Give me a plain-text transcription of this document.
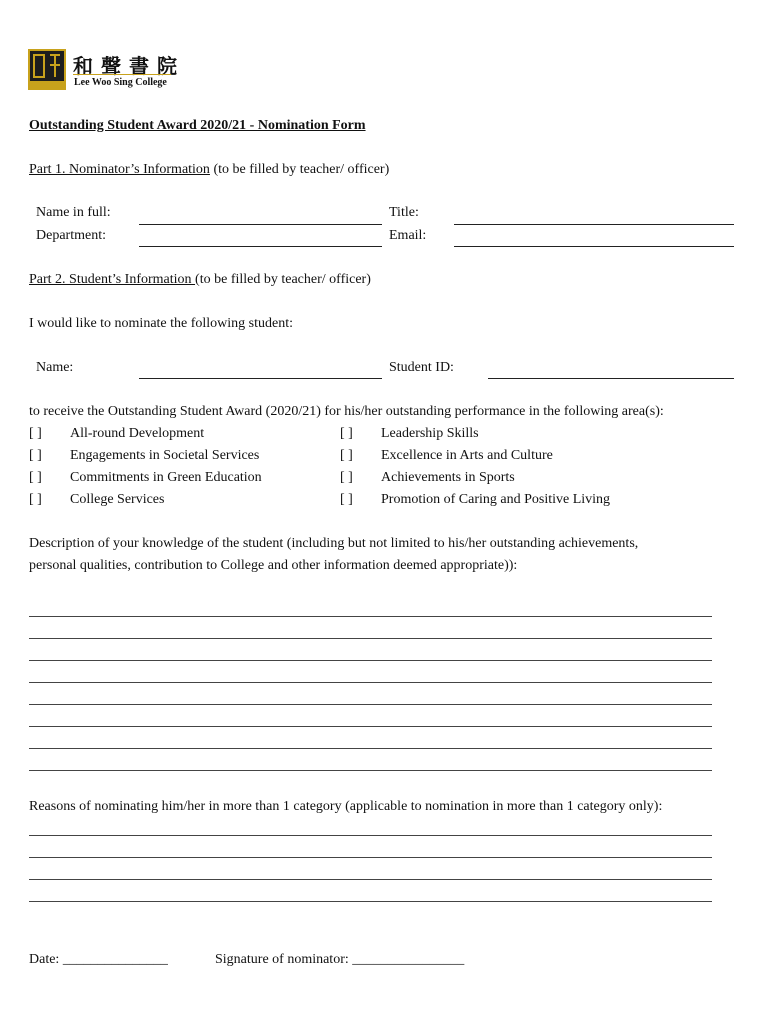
和聲書院
Lee Woo Sing College
Outstanding Student Award 2020/21 - Nomination Form
Part 1. Nominator’s Information (to be filled by teacher/ officer)
Name in full:	Title:
Department:	Email:
Part 2. Student’s Information (to be filled by teacher/ officer)
I would like to nominate the following student:
Name:	Student ID:
to receive the Outstanding Student Award (2020/21) for his/her outstanding performance in the following area(s):
[ ] All-round Development
[ ] Engagements in Societal Services
[ ] Commitments in Green Education
[ ] College Services
[ ] Leadership Skills
[ ] Excellence in Arts and Culture
[ ] Achievements in Sports
[ ] Promotion of Caring and Positive Living
Description of your knowledge of the student (including but not limited to his/her outstanding achievements,
personal qualities, contribution to College and other information deemed appropriate)):
Reasons of nominating him/her in more than 1 category (applicable to nomination in more than 1 category only):
Date: _______________	Signature of nominator: ________________
